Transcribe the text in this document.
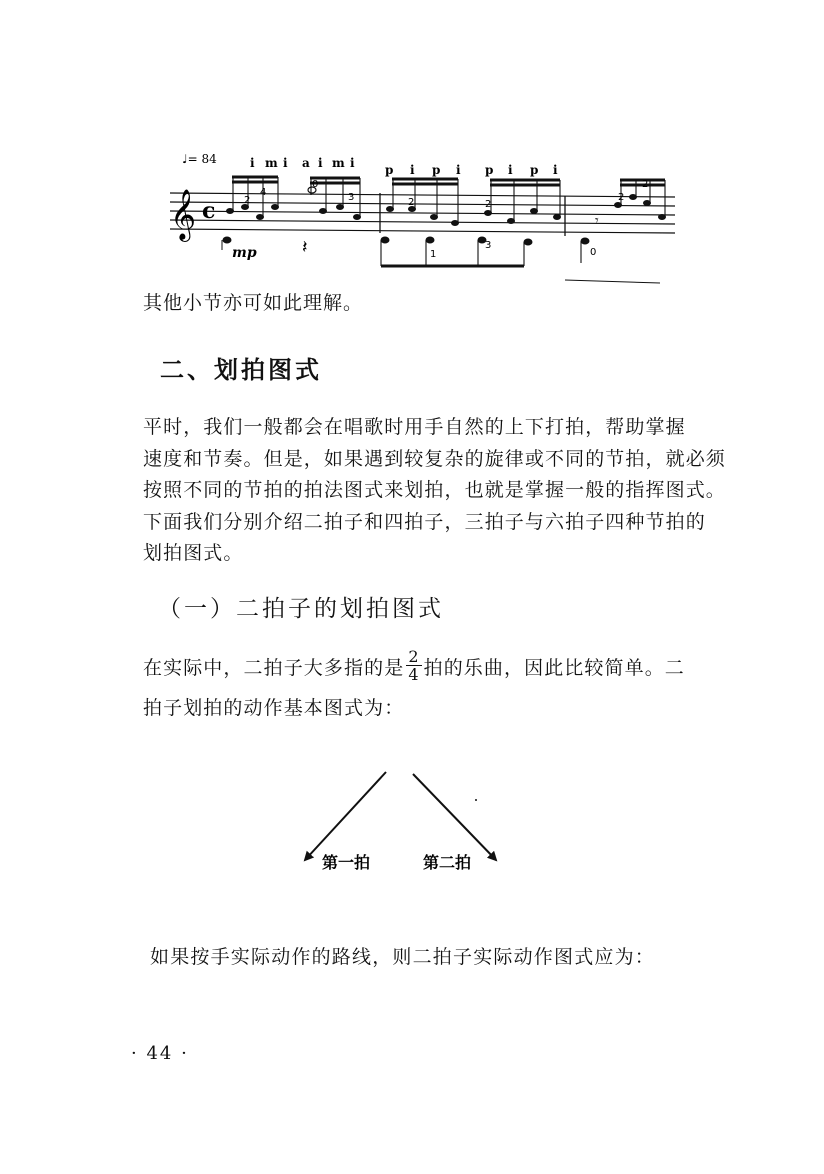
♩= 84	i m i a i m i	p i p i p i p i
𝄞 c
𝄽
𝄾
mp
2
4
0
2	2
2
1
3
0
2
3
其他小节亦可如此理解。
二、划拍图式
平时，我们一般都会在唱歌时用手自然的上下打拍，帮助掌握
速度和节奏。但是，如果遇到较复杂的旋律或不同的节拍，就必须
按照不同的节拍的拍法图式来划拍，也就是掌握一般的指挥图式。
下面我们分别介绍二拍子和四拍子，三拍子与六拍子四种节拍的
划拍图式。
（一）二拍子的划拍图式
在实际中，二拍子大多指的是 $\frac{2}{4}$ 拍的乐曲，因此比较简单。二
拍子划拍的动作基本图式为：
第一拍	第二拍
如果按手实际动作的路线，则二拍子实际动作图式应为：
· 44 ·
